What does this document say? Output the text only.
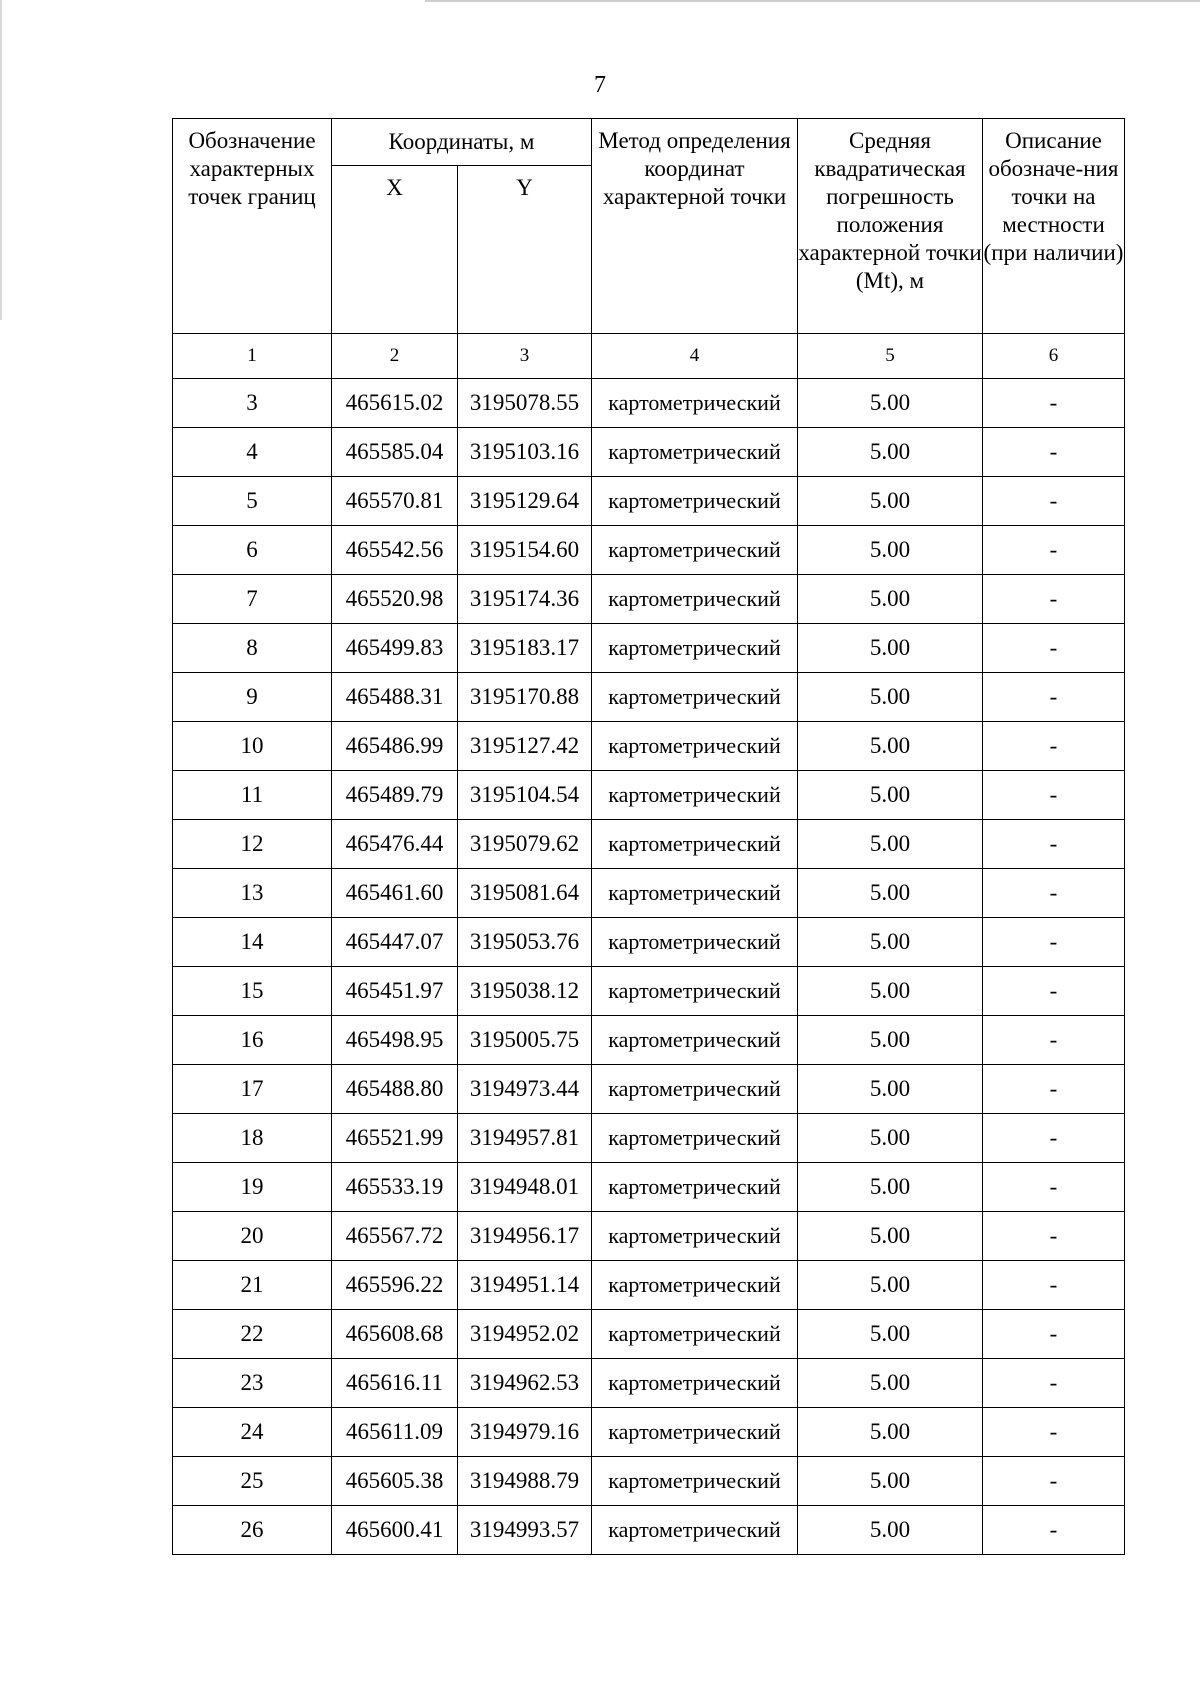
7
Обозначение характерных точек границ	Координаты, м		Метод определения координат характерной точки	Средняя квадратическая погрешность положения характерной точки (Mt), м	Описание обозначе-ния точки на местности (при наличии)
	X	Y			
1	2	3	4	5	6
3	465615.02	3195078.55	картометрический	5.00	-
4	465585.04	3195103.16	картометрический	5.00	-
5	465570.81	3195129.64	картометрический	5.00	-
6	465542.56	3195154.60	картометрический	5.00	-
7	465520.98	3195174.36	картометрический	5.00	-
8	465499.83	3195183.17	картометрический	5.00	-
9	465488.31	3195170.88	картометрический	5.00	-
10	465486.99	3195127.42	картометрический	5.00	-
11	465489.79	3195104.54	картометрический	5.00	-
12	465476.44	3195079.62	картометрический	5.00	-
13	465461.60	3195081.64	картометрический	5.00	-
14	465447.07	3195053.76	картометрический	5.00	-
15	465451.97	3195038.12	картометрический	5.00	-
16	465498.95	3195005.75	картометрический	5.00	-
17	465488.80	3194973.44	картометрический	5.00	-
18	465521.99	3194957.81	картометрический	5.00	-
19	465533.19	3194948.01	картометрический	5.00	-
20	465567.72	3194956.17	картометрический	5.00	-
21	465596.22	3194951.14	картометрический	5.00	-
22	465608.68	3194952.02	картометрический	5.00	-
23	465616.11	3194962.53	картометрический	5.00	-
24	465611.09	3194979.16	картометрический	5.00	-
25	465605.38	3194988.79	картометрический	5.00	-
26	465600.41	3194993.57	картометрический	5.00	-
